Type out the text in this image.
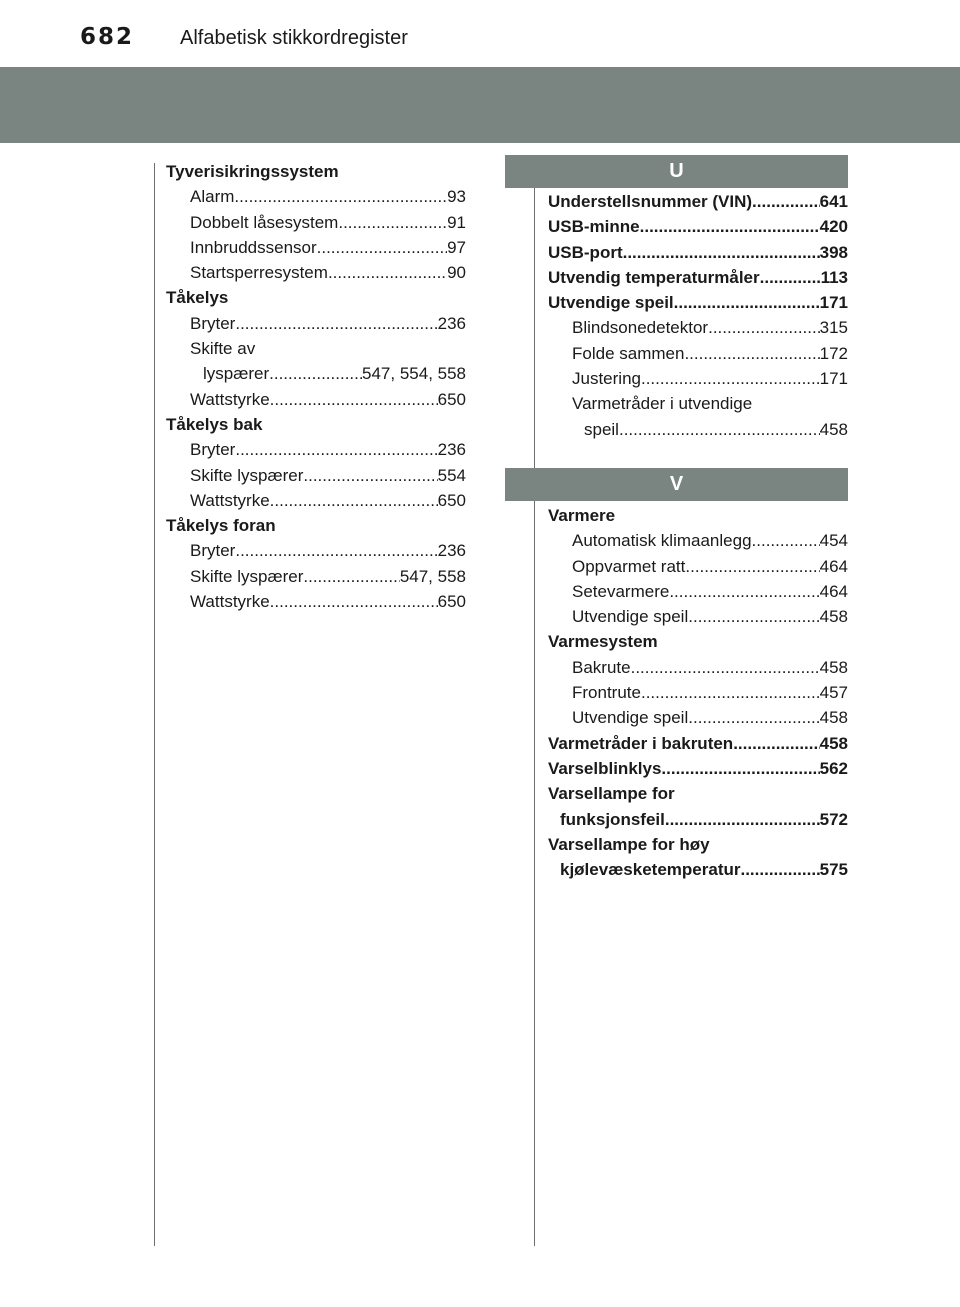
682 Alfabetisk stikkordregister
Tyverisikringssystem
Alarm .....	93
Dobbelt låsesystem .....	91
Innbruddssensor .....	97
Startsperresystem .....	90
Tåkelys
Bryter .....	236
Skifte av
lyspærer .....	547, 554, 558
Wattstyrke .....	650
Tåkelys bak
Bryter .....	236
Skifte lyspærer .....	554
Wattstyrke .....	650
Tåkelys foran
Bryter .....	236
Skifte lyspærer .....	547, 558
Wattstyrke .....	650
U
Understellsnummer (VIN) .....	641
USB-minne .....	420
USB-port .....	398
Utvendig temperaturmåler .....	113
Utvendige speil .....	171
Blindsonedetektor .....	315
Folde sammen .....	172
Justering .....	171
Varmetråder i utvendige
speil .....	458
V
Varmere
Automatisk klimaanlegg .....	454
Oppvarmet ratt .....	464
Setevarmere .....	464
Utvendige speil .....	458
Varmesystem
Bakrute .....	458
Frontrute .....	457
Utvendige speil .....	458
Varmetråder i bakruten .....	458
Varselblinklys .....	562
Varsellampe for
funksjonsfeil .....	572
Varsellampe for høy
kjølevæsketemperatur .....	575
